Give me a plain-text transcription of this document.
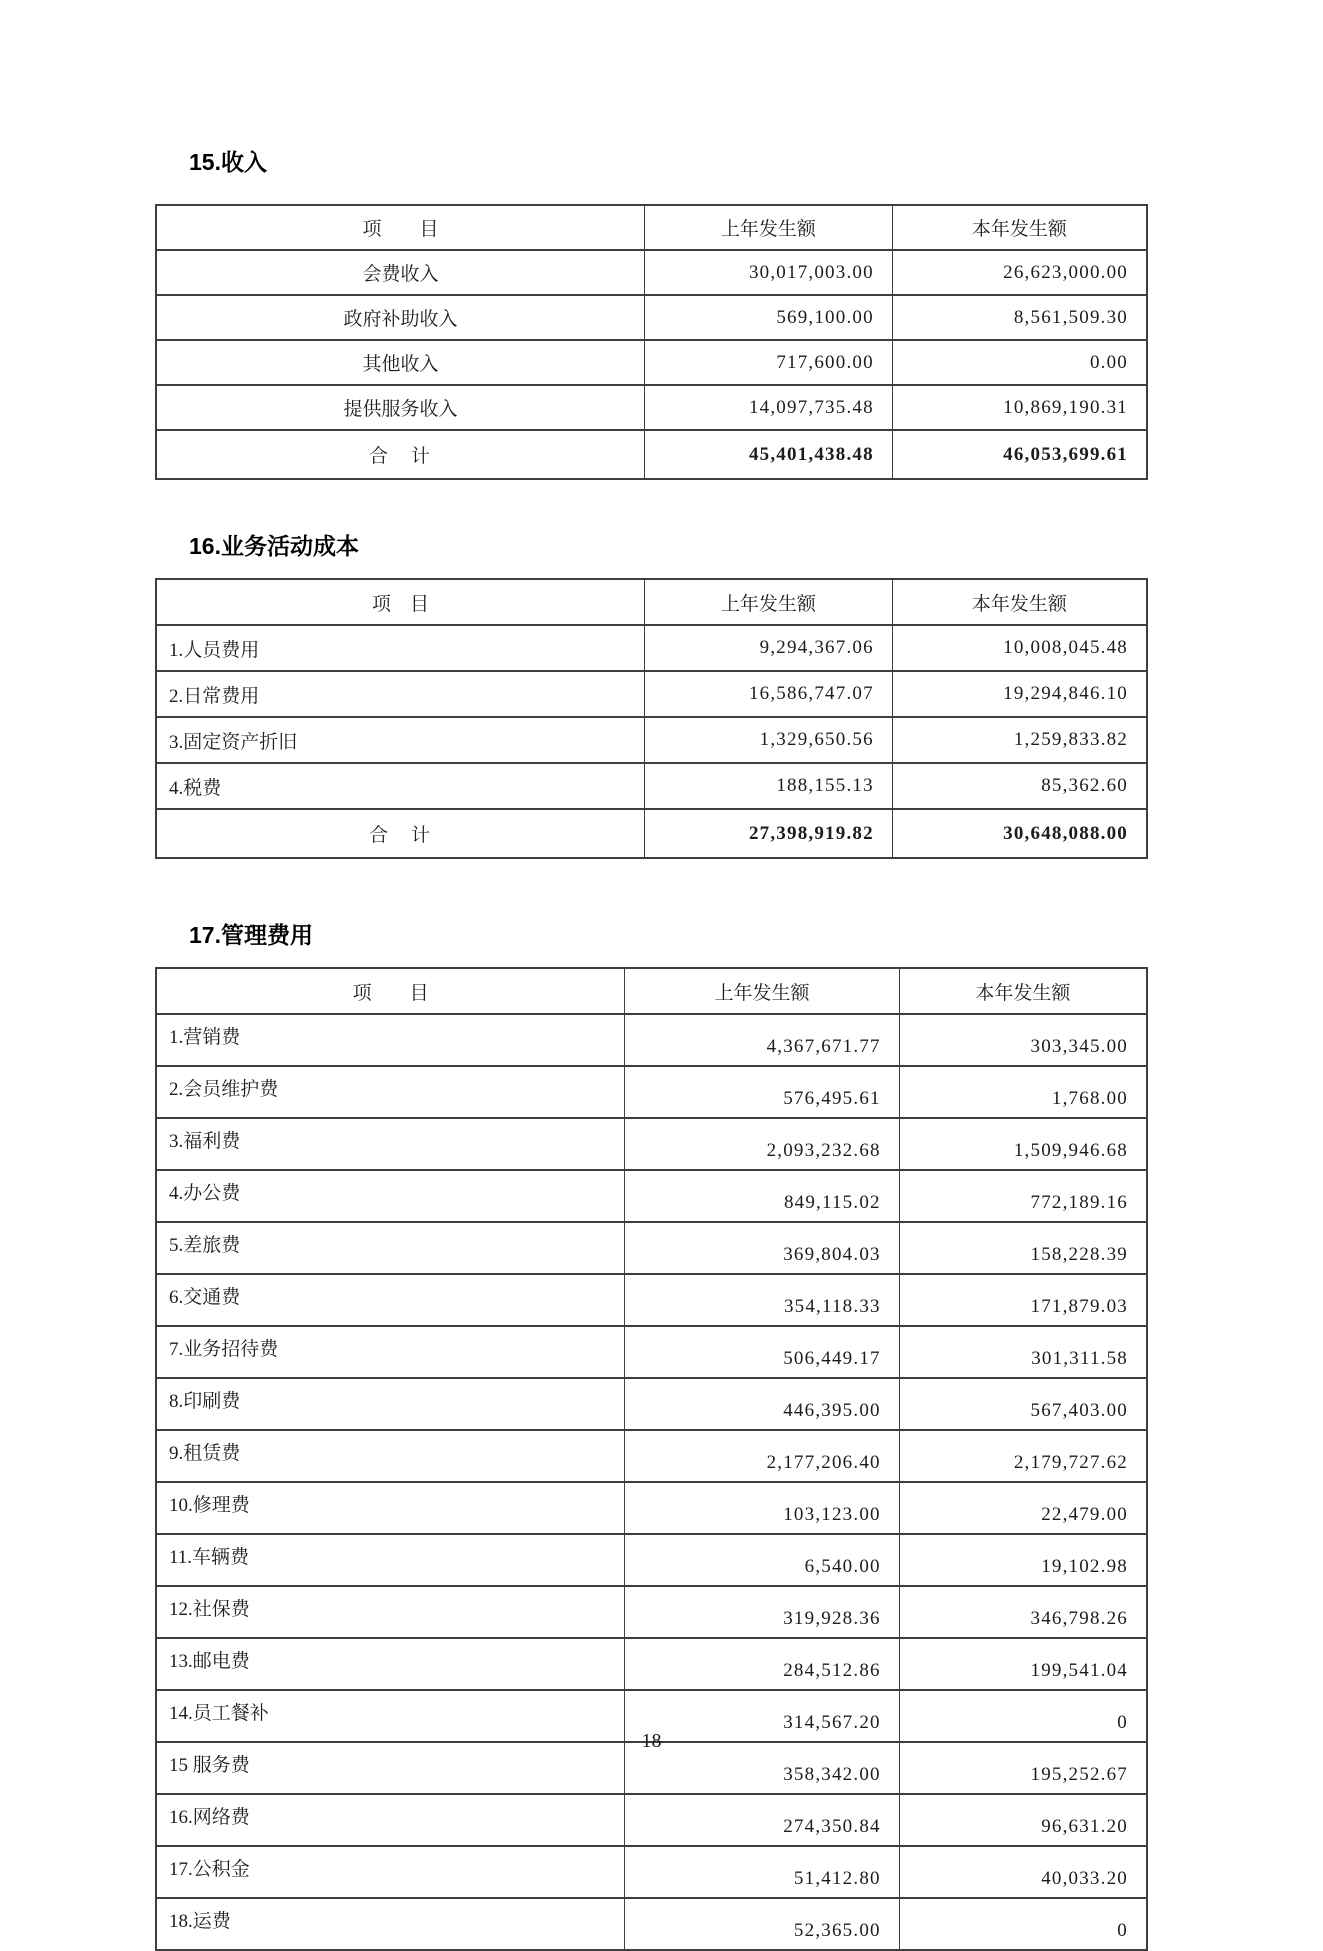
15.收入
项　　目	上年发生额	本年发生额
会费收入	30,017,003.00	26,623,000.00
政府补助收入	569,100.00	8,561,509.30
其他收入	717,600.00	0.00
提供服务收入	14,097,735.48	10,869,190.31
合　计	45,401,438.48	46,053,699.61
16.业务活动成本
项　目	上年发生额	本年发生额
1.人员费用	9,294,367.06	10,008,045.48
2.日常费用	16,586,747.07	19,294,846.10
3.固定资产折旧	1,329,650.56	1,259,833.82
4.税费	188,155.13	85,362.60
合　计	27,398,919.82	30,648,088.00
17.管理费用
项　　目	上年发生额	本年发生额
1.营销费	4,367,671.77	303,345.00
2.会员维护费	576,495.61	1,768.00
3.福利费	2,093,232.68	1,509,946.68
4.办公费	849,115.02	772,189.16
5.差旅费	369,804.03	158,228.39
6.交通费	354,118.33	171,879.03
7.业务招待费	506,449.17	301,311.58
8.印刷费	446,395.00	567,403.00
9.租赁费	2,177,206.40	2,179,727.62
10.修理费	103,123.00	22,479.00
11.车辆费	6,540.00	19,102.98
12.社保费	319,928.36	346,798.26
13.邮电费	284,512.86	199,541.04
14.员工餐补	314,567.20	0
15 服务费	358,342.00	195,252.67
16.网络费	274,350.84	96,631.20
17.公积金	51,412.80	40,033.20
18.运费	52,365.00	0
18
